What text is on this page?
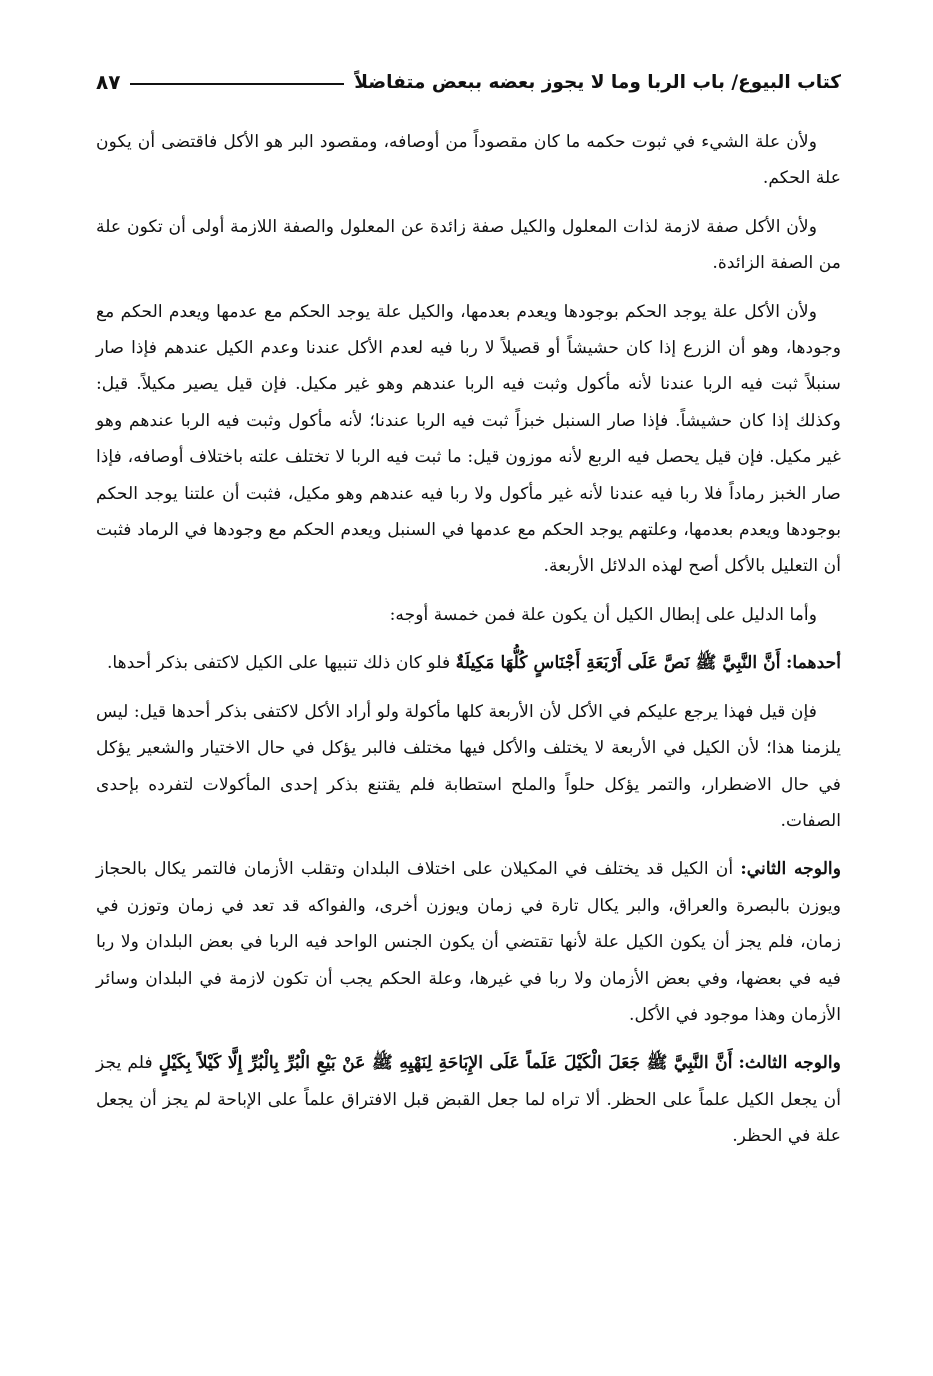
كتاب البيوع/ باب الربا وما لا يجوز بعضه ببعض متفاضلاً
٨٧

ولأن علة الشيء في ثبوت حكمه ما كان مقصوداً من أوصافه، ومقصود البر هو الأكل فاقتضى أن يكون علة الحكم.

ولأن الأكل صفة لازمة لذات المعلول والكيل صفة زائدة عن المعلول والصفة اللازمة أولى أن تكون علة من الصفة الزائدة.

ولأن الأكل علة يوجد الحكم بوجودها ويعدم بعدمها، والكيل علة يوجد الحكم مع عدمها ويعدم الحكم مع وجودها، وهو أن الزرع إذا كان حشيشاً أو قصيلاً لا ربا فيه لعدم الأكل عندنا وعدم الكيل عندهم فإذا صار سنبلاً ثبت فيه الربا عندنا لأنه مأكول وثبت فيه الربا عندهم وهو غير مكيل. فإن قيل يصير مكيلاً. قيل: وكذلك إذا كان حشيشاً. فإذا صار السنبل خبزاً ثبت فيه الربا عندنا؛ لأنه مأكول وثبت فيه الربا عندهم وهو غير مكيل. فإن قيل يحصل فيه الربع لأنه موزون قيل: ما ثبت فيه الربا لا تختلف علته باختلاف أوصافه، فإذا صار الخبز رماداً فلا ربا فيه عندنا لأنه غير مأكول ولا ربا فيه عندهم وهو مكيل، فثبت أن علتنا يوجد الحكم بوجودها ويعدم بعدمها، وعلتهم يوجد الحكم مع عدمها في السنبل ويعدم الحكم مع وجودها في الرماد فثبت أن التعليل بالأكل أصح لهذه الدلائل الأربعة.

وأما الدليل على إبطال الكيل أن يكون علة فمن خمسة أوجه:

أحدهما: أَنَّ النَّبِيَّ ﷺ نَصَّ عَلَى أَرْبَعَةِ أَجْنَاسٍ كُلُّهَا مَكِيلَةٌ فلو كان ذلك تنبيها على الكيل لاكتفى بذكر أحدها.

فإن قيل فهذا يرجع عليكم في الأكل لأن الأربعة كلها مأكولة ولو أراد الأكل لاكتفى بذكر أحدها قيل: ليس يلزمنا هذا؛ لأن الكيل في الأربعة لا يختلف والأكل فيها مختلف فالبر يؤكل في حال الاختيار والشعير يؤكل في حال الاضطرار، والتمر يؤكل حلواً والملح استطابة فلم يقتنع بذكر إحدى المأكولات لتفرده بإحدى الصفات.

والوجه الثاني: أن الكيل قد يختلف في المكيلان على اختلاف البلدان وتقلب الأزمان فالتمر يكال بالحجاز ويوزن بالبصرة والعراق، والبر يكال تارة في زمان ويوزن أخرى، والفواكه قد تعد في زمان وتوزن في زمان، فلم يجز أن يكون الكيل علة لأنها تقتضي أن يكون الجنس الواحد فيه الربا في بعض البلدان ولا ربا فيه في بعضها، وفي بعض الأزمان ولا ربا في غيرها، وعلة الحكم يجب أن تكون لازمة في البلدان وسائر الأزمان وهذا موجود في الأكل.

والوجه الثالث: أَنَّ النَّبِيَّ ﷺ جَعَلَ الْكَيْلَ عَلَماً عَلَى الإِبَاحَةِ لِنَهْيِهِ ﷺ عَنْ بَيْعِ الْبُرِّ بِالْبُرِّ إِلَّا كَيْلاً بِكَيْلٍ فلم يجز أن يجعل الكيل علماً على الحظر. ألا تراه لما جعل القبض قبل الافتراق علماً على الإباحة لم يجز أن يجعل علة في الحظر.
